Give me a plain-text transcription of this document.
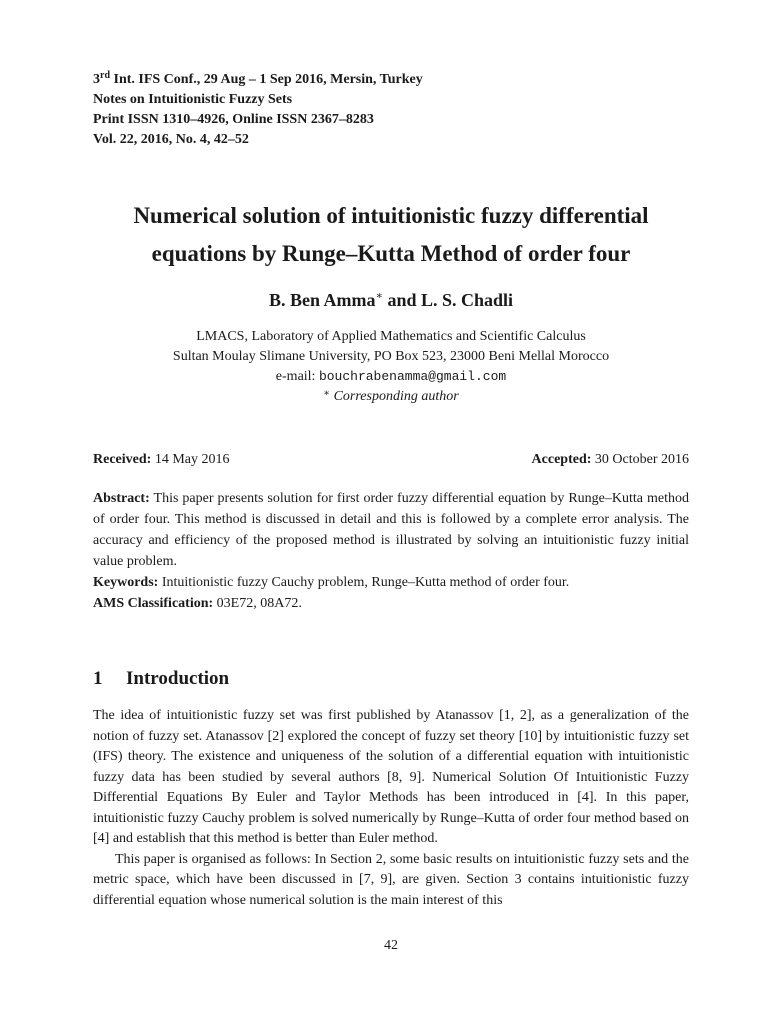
3rd Int. IFS Conf., 29 Aug – 1 Sep 2016, Mersin, Turkey
Notes on Intuitionistic Fuzzy Sets
Print ISSN 1310–4926, Online ISSN 2367–8283
Vol. 22, 2016, No. 4, 42–52
Numerical solution of intuitionistic fuzzy differential
equations by Runge–Kutta Method of order four
B. Ben Amma∗ and L. S. Chadli
LMACS, Laboratory of Applied Mathematics and Scientific Calculus
Sultan Moulay Slimane University, PO Box 523, 23000 Beni Mellal Morocco
e-mail: bouchrabenamma@gmail.com
∗ Corresponding author
Received: 14 May 2016	Accepted: 30 October 2016

Abstract: This paper presents solution for first order fuzzy differential equation by Runge–Kutta method of order four. This method is discussed in detail and this is followed by a complete error analysis. The accuracy and efficiency of the proposed method is illustrated by solving an intuitionistic fuzzy initial value problem.

Keywords: Intuitionistic fuzzy Cauchy problem, Runge–Kutta method of order four.

AMS Classification: 03E72, 08A72.

1 Introduction

The idea of intuitionistic fuzzy set was first published by Atanassov [1, 2], as a generalization of the notion of fuzzy set. Atanassov [2] explored the concept of fuzzy set theory [10] by intuitionistic fuzzy set (IFS) theory. The existence and uniqueness of the solution of a differential equation with intuitionistic fuzzy data has been studied by several authors [8, 9]. Numerical Solution Of Intuitionistic Fuzzy Differential Equations By Euler and Taylor Methods has been introduced in [4]. In this paper, intuitionistic fuzzy Cauchy problem is solved numerically by Runge–Kutta of order four method based on [4] and establish that this method is better than Euler method.

This paper is organised as follows: In Section 2, some basic results on intuitionistic fuzzy sets and the metric space, which have been discussed in [7, 9], are given. Section 3 contains intuitionistic fuzzy differential equation whose numerical solution is the main interest of this

42
